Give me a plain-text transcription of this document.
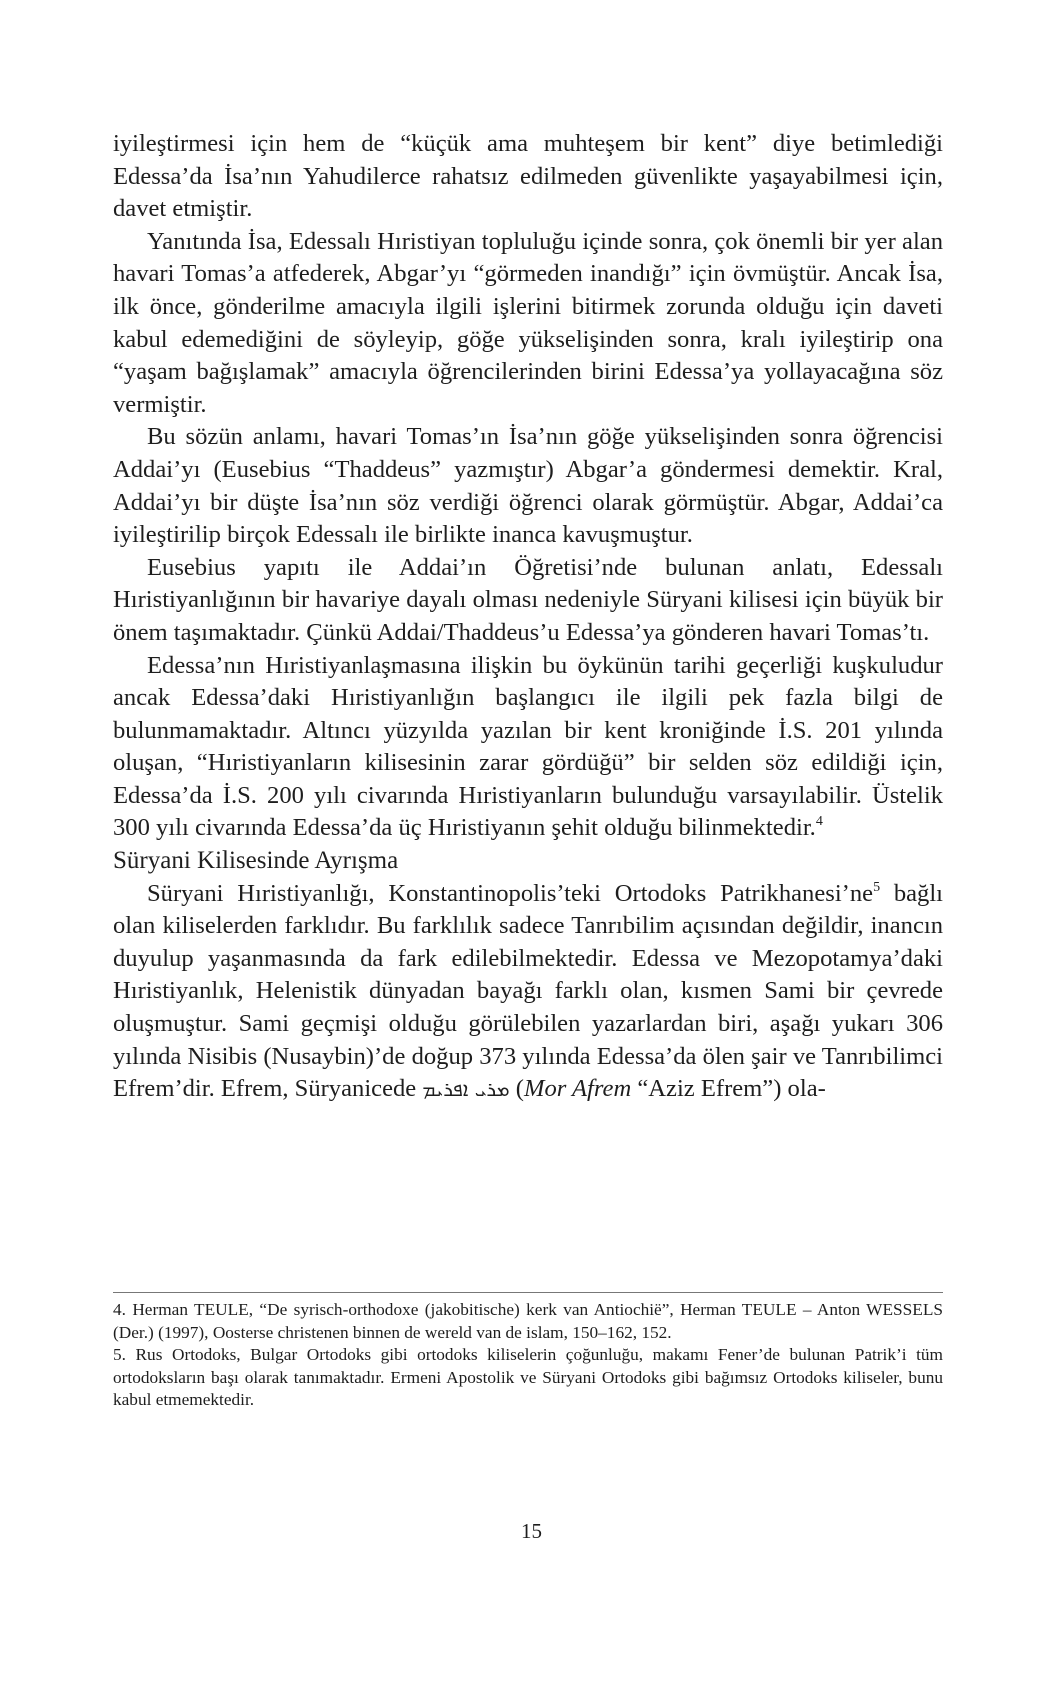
iyileştirmesi için hem de “küçük ama muhteşem bir kent” diye betimlediği Edessa’da İsa’nın Yahudilerce rahatsız edilmeden güvenlikte yaşayabilmesi için, davet etmiştir.

Yanıtında İsa, Edessalı Hıristiyan topluluğu içinde sonra, çok önemli bir yer alan havari Tomas’a atfederek, Abgar’yı “görmeden inandığı” için övmüştür. Ancak İsa, ilk önce, gönderilme amacıyla ilgili işlerini bitirmek zorunda olduğu için daveti kabul edemediğini de söyleyip, göğe yükselişinden sonra, kralı iyileştirip ona “yaşam bağışlamak” amacıyla öğrencilerinden birini Edessa’ya yollayacağına söz vermiştir.

Bu sözün anlamı, havari Tomas’ın İsa’nın göğe yükselişinden sonra öğrencisi Addai’yı (Eusebius “Thaddeus” yazmıştır) Abgar’a göndermesi demektir. Kral, Addai’yı bir düşte İsa’nın söz verdiği öğrenci olarak görmüştür. Abgar, Addai’ca iyileştirilip birçok Edessalı ile birlikte inanca kavuşmuştur.

Eusebius yapıtı ile Addai’ın Öğretisi’nde bulunan anlatı, Edessalı Hıristiyanlığının bir havariye dayalı olması nedeniyle Süryani kilisesi için büyük bir önem taşımaktadır. Çünkü Addai/Thaddeus’u Edessa’ya gönderen havari Tomas’tı.

Edessa’nın Hıristiyanlaşmasına ilişkin bu öykünün tarihi geçerliği kuşkuludur ancak Edessa’daki Hıristiyanlığın başlangıcı ile ilgili pek fazla bilgi de bulunmamaktadır. Altıncı yüzyılda yazılan bir kent kroniğinde İ.S. 201 yılında oluşan, “Hıristiyanların kilisesinin zarar gördüğü” bir selden söz edildiği için, Edessa’da İ.S. 200 yılı civarında Hıristiyanların bulunduğu varsayılabilir. Üstelik 300 yılı civarında Edessa’da üç Hıristiyanın şehit olduğu bilinmektedir.$^4$

Süryani Kilisesinde Ayrışma

Süryani Hıristiyanlığı, Konstantinopolis’teki Ortodoks $Patrikhanesi’ne^5$ bağlı olan kiliselerden farklıdır. Bu farklılık sadece Tanrıbilim açısından değildir, inancın duyulup yaşanmasında da fark edilebilmektedir. Edessa ve Mezopotamya’daki Hıristiyanlık, Helenistik dünyadan bayağı farklı olan, kısmen Sami bir çevrede oluşmuştur. Sami geçmişi olduğu görülebilen yazarlardan biri, aşağı yukarı 306 yılında Nisibis (Nusaybin)’de doğup 373 yılında Edessa’da ölen şair ve Tanrıbilimci Efrem’dir. Efrem, Süryanicede ܡܪܝ ܐܦܪܝܡ (Mor Afrem “Aziz Efrem”) ola-

4. Herman TEULE, “De syrisch-orthodoxe (jakobitische) kerk van Antiochië”, Herman TEULE – Anton WESSELS (Der.) (1997), Oosterse christenen binnen de wereld van de islam, 150–162, 152.

5. Rus Ortodoks, Bulgar Ortodoks gibi ortodoks kiliselerin çoğunluğu, makamı Fener’de bulunan Patrik’i tüm ortodoksların başı olarak tanımaktadır. Ermeni Apostolik ve Süryani Ortodoks gibi bağımsız Ortodoks kiliseler, bunu kabul etmemektedir.

15
